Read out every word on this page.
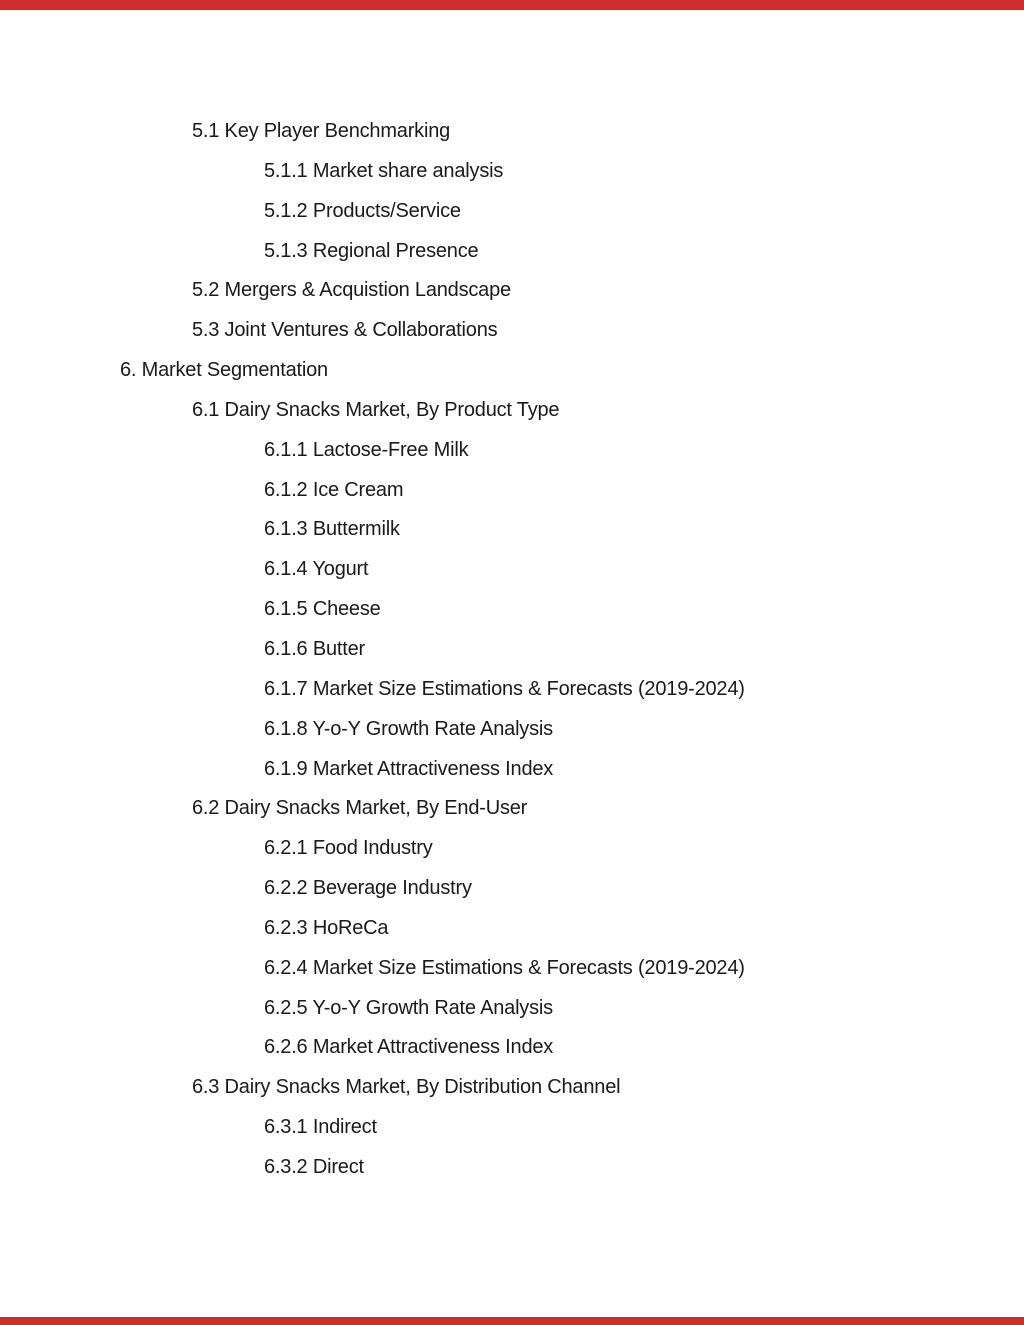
5.1 Key Player Benchmarking
5.1.1 Market share analysis
5.1.2 Products/Service
5.1.3 Regional Presence
5.2 Mergers & Acquistion Landscape
5.3 Joint Ventures & Collaborations
6. Market Segmentation
6.1 Dairy Snacks Market, By Product Type
6.1.1 Lactose-Free Milk
6.1.2 Ice Cream
6.1.3 Buttermilk
6.1.4 Yogurt
6.1.5 Cheese
6.1.6 Butter
6.1.7 Market Size Estimations & Forecasts (2019-2024)
6.1.8 Y-o-Y Growth Rate Analysis
6.1.9 Market Attractiveness Index
6.2 Dairy Snacks Market, By End-User
6.2.1 Food Industry
6.2.2 Beverage Industry
6.2.3 HoReCa
6.2.4 Market Size Estimations & Forecasts (2019-2024)
6.2.5 Y-o-Y Growth Rate Analysis
6.2.6 Market Attractiveness Index
6.3 Dairy Snacks Market, By Distribution Channel
6.3.1 Indirect
6.3.2 Direct
